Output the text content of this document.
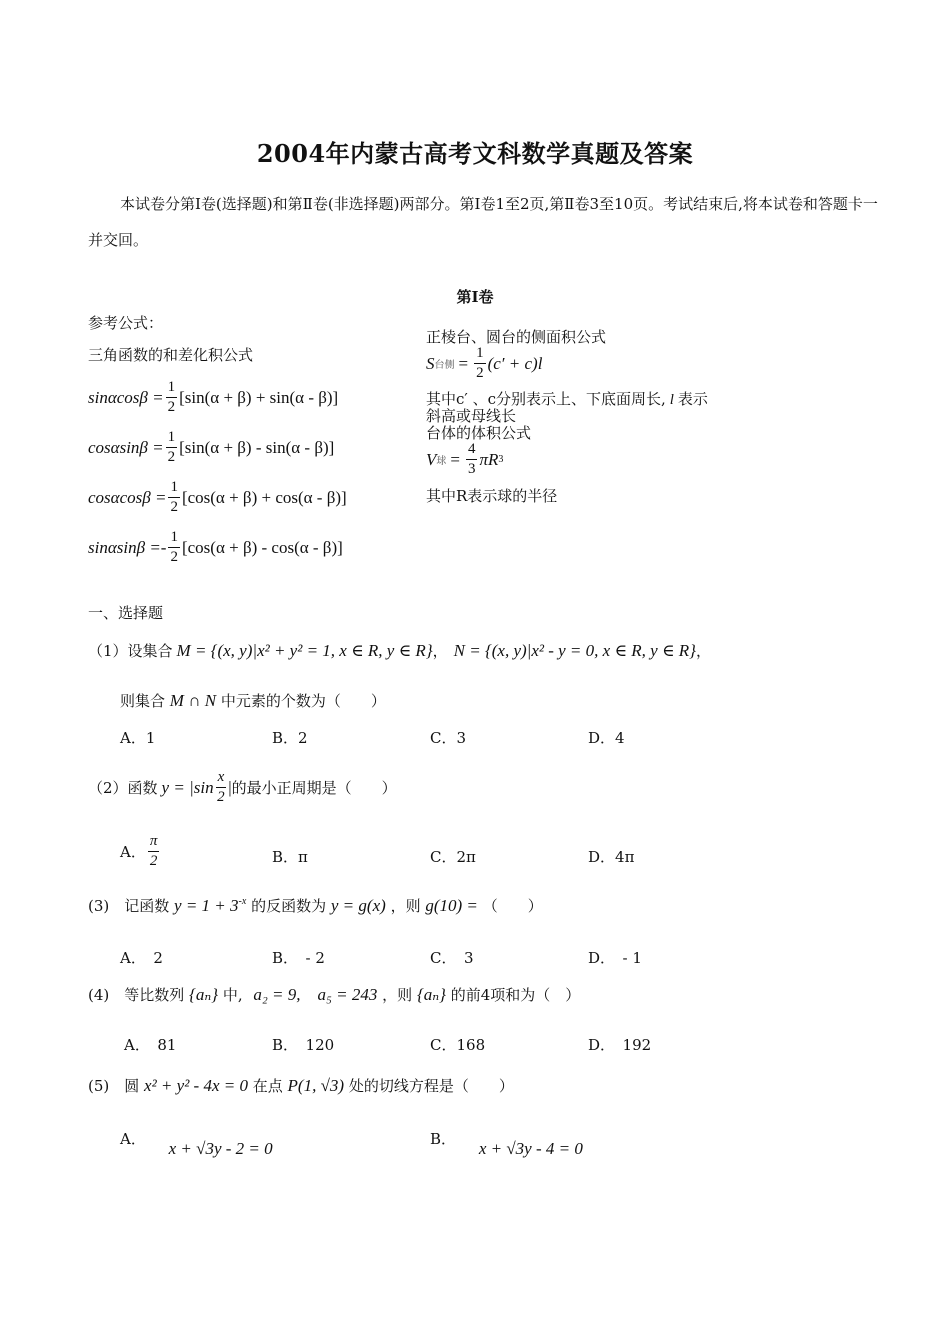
2004年内蒙古高考文科数学真题及答案
本试卷分第Ⅰ卷(选择题)和第Ⅱ卷(非选择题)两部分。第Ⅰ卷1至2页,第Ⅱ卷3至10页。考试结束后,将本试卷和答题卡一并交回。
第Ⅰ卷
参考公式：
三角函数的和差化积公式
$\sin\alpha\cos\beta = \frac{1}{2} [\sin(\alpha + \beta) + \sin(\alpha - \beta)]$
$\cos\alpha\sin\beta = \frac{1}{2} [\sin(\alpha + \beta) - \sin(\alpha - \beta)]$
$\cos\alpha\cos\beta = \frac{1}{2} [\cos(\alpha + \beta) + \cos(\alpha - \beta)]$
sinαsinβ = - $\frac{1}{2} [\cos(\alpha + \beta) - \cos(\alpha - \beta)]$
正棱台、圆台的侧面积公式
S 台侧 = $\frac{1}{2} (c' + c)l$
其中c′ 、c分别表示上、下底面周长, l 表示
斜高或母线长
台体的体积公式
V 球 = $\frac{4}{3}$ πR 3
其中R表示球的半径
一、选择题
（1）设集合 M = {(x, y)|x² + y² = 1, x ∈ R, y ∈ R} ， N = {(x, y)|x² - y = 0, x ∈ R, y ∈ R} ，
则集合 M ∩ N 中元素的个数为（　　）
A．1	B．2	C．3	D．4
（2）函数 $y = |\sin \frac{x}{2}$ | 的最小正周期是（　　）
A． $\frac{\pi}{2}$	B．π	C．2π	D．4π
(3)　记函数 $y = 1 + 3^{-x}$ 的反函数为 y = g(x) ，则 g(10) = （　　）
A．　2	B．　- 2	C．　3	D．　- 1
(4)　等比数列 {aₙ} 中, a₂ = 9,　a₅ = 243 ，则 {aₙ} 的前4项和为（　）
A．　81	B．　120	C．168	D．　192
(5)　圆 x² + y² - 4x = 0 在点 P(1, √3) 处的切线方程是（　　）
A． x + √3y - 2 = 0	B． x + √3y - 4 = 0
